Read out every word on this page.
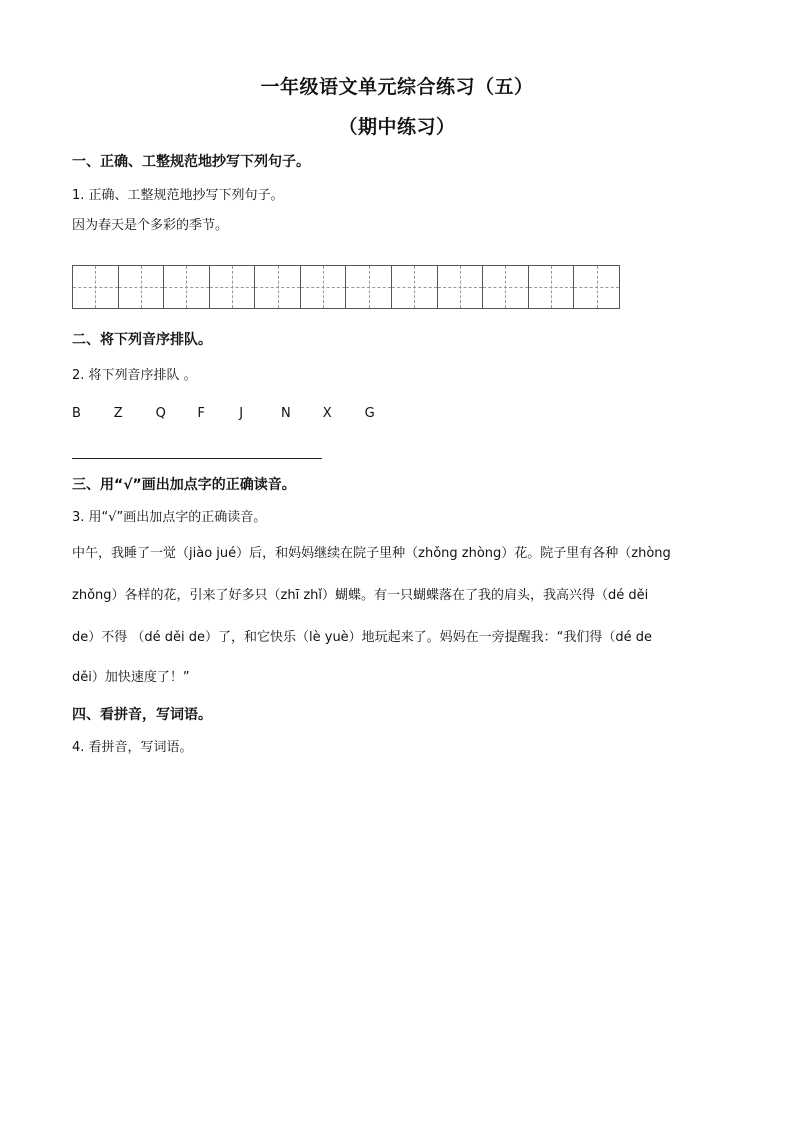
一年级语文单元综合练习（五）
（期中练习）
一、正确、工整规范地抄写下列句子。
1. 正确、工整规范地抄写下列句子。
因为春天是个多彩的季节。
二、将下列音序排队。
2. 将下列音序排队 。
B	Z	Q	F	J	N	X	G
三、用“√”画出加点字的正确读音。
3. 用“√”画出加点字的正确读音。
中午，我睡了一觉（jiào jué）后，和妈妈继续在院子里种（zhǒng zhòng）花。院子里有各种（zhòng
zhǒng）各样的花，引来了好多只（zhī zhǐ）蝴蝶。有一只蝴蝶落在了我的肩头，我高兴得（dé děi
de）不得 （dé děi de）了，和它快乐（lè yuè）地玩起来了。妈妈在一旁提醒我：“我们得（dé de
děi）加快速度了！”
四、看拼音，写词语。
4. 看拼音，写词语。
